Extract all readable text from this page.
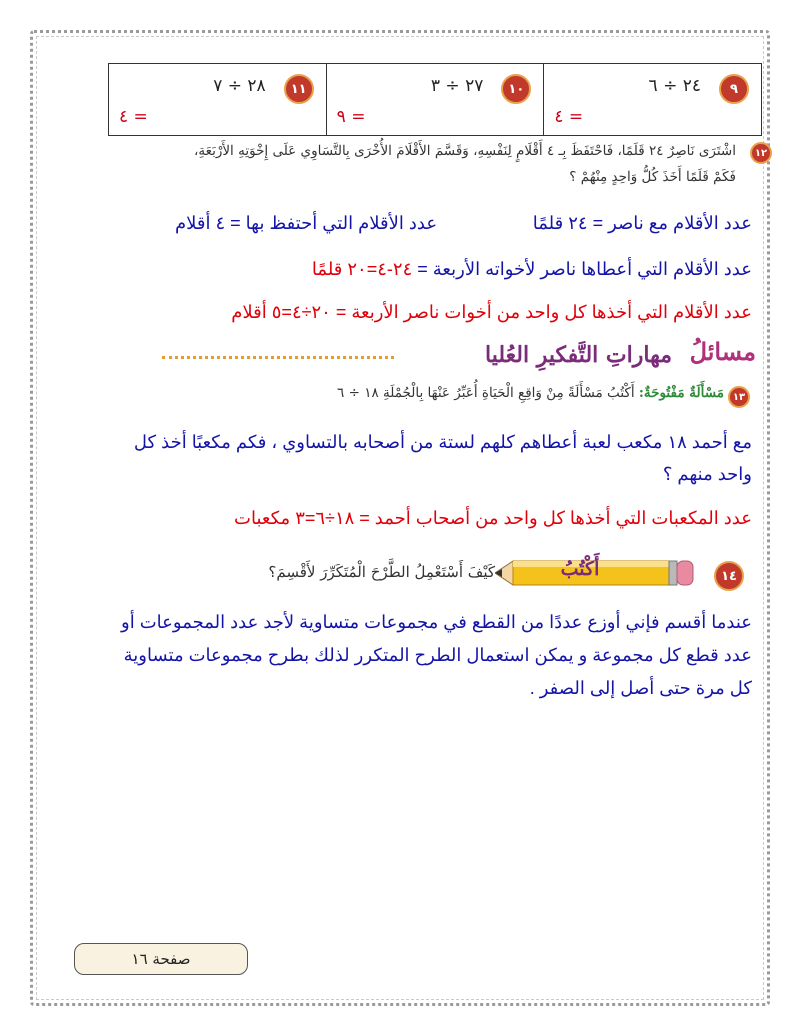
٩
٢٤ ÷ ٦
= ٤
١٠
٢٧ ÷ ٣
= ٩
١١
٢٨ ÷ ٧
= ٤
١٢
اشْتَرَى نَاصِرٌ ٢٤ قَلَمًا، فَاحْتَفَظَ بِـ ٤ أَقْلَامٍ لِنَفْسِهِ، وَقَسَّمَ الأَقْلَامَ الأُخْرَى بِالتَّسَاوِي عَلَى إِخْوَتِهِ الأَرْبَعَةِ،
فَكَمْ قَلَمًا أَخَذَ كُلُّ وَاحِدٍ مِنْهُمْ ؟
عدد الأقلام مع ناصر = ٢٤ قلمًا
عدد الأقلام التي أحتفظ بها = ٤ أقلام
عدد الأقلام التي أعطاها ناصر لأخواته الأربعة = ٢٤-٤=٢٠ قلمًا
عدد الأقلام التي أخذها كل واحد من أخوات ناصر الأربعة = ٢٠÷٤=٥ أقلام
مسائلُ
مهاراتِ التَّفكيرِ العُليا
١٣
مَسْأَلَةٌ مَفْتُوحَةٌ: أَكْتُبُ مَسْأَلَةً مِنْ وَاقِعِ الْحَيَاةِ أُعَبِّرُ عَنْهَا بِالْجُمْلَةِ ١٨ ÷ ٦
مع أحمد ١٨ مكعب لعبة أعطاهم كلهم لستة من أصحابه بالتساوي ، فكم مكعبًا أخذ كل
واحد منهم ؟
عدد المكعبات التي أخذها كل واحد من أصحاب أحمد = ١٨÷٦=٣ مكعبات
١٤
أَكْتُبُ
كَيْفَ أَسْتَعْمِلُ الطَّرْحَ الْمُتَكَرِّرَ لأَقْسِمَ؟
عندما أقسم فإني أوزع عددًا من القطع في مجموعات متساوية لأجد عدد المجموعات أو
عدد قطع كل مجموعة و يمكن استعمال الطرح المتكرر لذلك بطرح مجموعات متساوية
كل مرة حتى أصل إلى الصفر .
صفحة ١٦
